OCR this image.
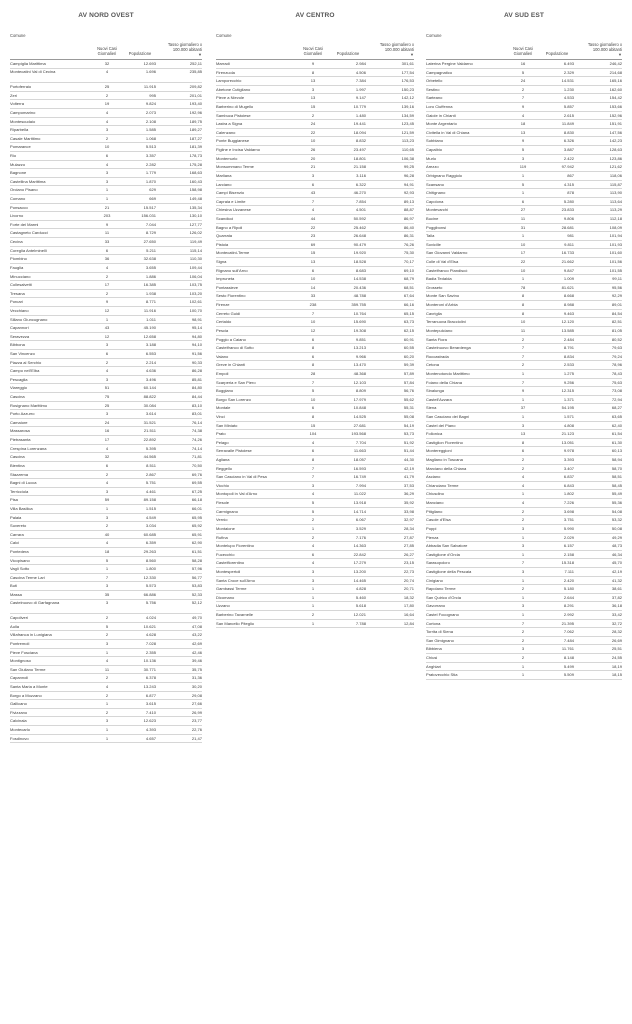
AV NORD OVEST
Comune
Nuovi Casi Giornalieri	Popolazione
Tasso giornaliero x 100.000 abitanti
▼
Campiglia Marittima	32	12.693	252,11
Montecatini Val di Cecina	4	1.696	235,85
Portoferraio	25	11.915	209,82
Zeri	2	995	201,01
Volterra	19	9.824	193,40
Campomarino	4	2.073	192,96
Montescudaio	4	2.108	189,75
Riparbella	3	1.585	189,27
Casale Marittimo	2	1.068	187,27
Pomarance	10	5.513	181,39
Rio	6	3.357	178,73
Mulazzo	4	2.282	175,28
Bagnone	3	1.779	168,63
Castellina Marittima	3	1.870	160,43
Orciano Pisano	1	629	158,98
Comano	1	669	149,48
Ponsacco	21	15.517	135,34
Livorno	203	156.031	130,10
Forte dei Marmi	9	7.044	127,77
Castagneto Carducci	11	8.729	126,02
Cecina	33	27.650	119,49
Coreglia Antelminelli	6	5.211	115,14
Piombino	36	32.638	110,30
Fauglia	4	3.655	109,44
Minucciano	2	1.886	106,04
Collesalvetti	17	16.385	103,75
Tresana	2	1.938	103,20
Porcari	9	8.771	102,61
Vecchiano	12	11.916	100,70
Sillano Giuncugnano	1	1.011	98,91
Capannori	43	45.190	95,14
Seravezza	12	12.658	94,80
Bibbona	3	3.188	94,10
San Vincenzo	6	6.553	91,56
Piazza al Serchio	2	2.214	90,33
Campo nell'Elba	4	4.636	86,28
Pescaglia	3	3.496	85,81
Viareggio	51	60.144	84,80
Cascina	75	88.822	84,44
Rosignano Marittimo	25	30.084	83,10
Porto Azzurro	3	3.614	83,01
Camaiore	24	31.521	76,14
Massarosa	16	21.511	74,38
Pietrasanta	17	22.892	74,26
Crespina Lorenzana	4	5.395	74,14
Cascina	32	44.565	71,81
Bientina	6	8.511	70,50
Stazzema	2	2.867	69,76
Bagni di Lucca	4	5.751	69,55
Terricciola	3	4.461	67,25
Pisa	59	89.158	66,18
Villa Basilica	1	1.515	66,01
Palaia	3	4.549	65,95
Suvereto	2	3.034	65,92
Carrara	40	60.685	65,91
Calci	4	6.359	62,90
Pontedera	18	29.263	61,51
Vicopisano	5	8.560	58,28
Vagli Sotto	1	1.800	57,96
Cascina Terme Lari	7	12.330	56,77
Buti	3	5.573	53,83
Massa	35	66.886	52,33
Castelnuovo di Garfagnana	3	5.756	52,12
Capoliveri	2	4.024	49,70
Aulla	5	10.621	47,08
Villafranca in Lunigiana	2	4.628	43,22
Pontremoli	3	7.028	42,69
Pieve Fosciana	1	2.355	42,46
Montignoso	4	10.136	39,46
San Giuliano Terme	11	30.771	35,75
Capannoli	2	6.378	31,36
Santa Maria a Monte	4	13.243	30,20
Borgo a Mozzano	2	6.877	29,08
Gallicano	1	3.615	27,66
Fivizzano	2	7.410	26,99
Calcinaia	3	12.623	23,77
Montecarlo	1	4.393	22,76
Fosdinovo	1	4.657	21,47
AV CENTRO
Comune
Nuovi Casi Giornalieri	Popolazione
Tasso giornaliero x 100.000 abitanti
▼
Marradi	9	2.984	301,61
Firenzuola	8	4.506	177,54
Lamporecchio	13	7.384	176,53
Abetone Cutigliano	3	1.997	150,23
Pieve a Nievole	13	9.147	142,12
Barberino di Mugello	15	10.779	139,16
Sambuca Pistoiese	2	1.480	134,59
Lastra a Signa	24	19.441	123,45
Calenzano	22	18.094	121,59
Ponte Buggianese	10	8.832	113,23
Figline e Incisa Valdarno	26	23.497	110,65
Montemurlo	20	18.801	106,38
Monsummano Terme	21	21.158	99,25
Marliana	3	3.116	96,28
Larciano	6	6.322	94,91
Campi Bisenzio	43	46.270	92,93
Capraia e Limite	7	7.854	89,13
Chiesina Uzzanese	4	4.501	88,87
Scandicci	44	50.592	86,97
Bagno a Ripoli	22	25.462	86,40
Quarrata	23	26.648	86,31
Pistoia	69	90.479	76,26
Montecatini-Terme	15	19.920	75,30
Signa	13	18.528	70,17
Rignano sull'Arno	6	8.683	69,10
Impruneta	10	14.538	68,79
Pontassieve	14	20.436	68,51
Sesto Fiorentino	33	48.788	67,64
Firenze	238	359.755	66,16
Cerreto Guidi	7	10.764	65,15
Certaldo	10	15.690	63,73
Pescia	12	19.308	62,15
Poggio a Caiano	6	9.851	60,91
Castelfranco di Sotto	8	13.213	60,55
Vaiano	6	9.966	60,20
Greve in Chianti	8	13.470	59,39
Empoli	28	48.368	57,89
Scarperia e San Piero	7	12.103	57,84
Buggiano	5	8.809	56,76
Borgo San Lorenzo	10	17.979	55,62
Montale	6	10.848	55,31
Vinci	8	14.525	55,08
San Miniato	15	27.681	54,19
Prato	104	193.568	53,73
Pelago	4	7.704	51,92
Serravalle Pistoiese	6	11.663	51,44
Agliana	8	18.057	44,30
Reggello	7	16.593	42,19
San Casciano in Val di Pesa	7	16.749	41,79
Vicchio	3	7.994	37,53
Montopoli in Val d'Arno	4	11.022	36,29
Fiesole	5	13.918	35,92
Carmignano	5	14.714	33,98
Vernio	2	6.067	32,97
Montaione	1	3.529	28,34
Rufina	2	7.176	27,87
Montelupo Fiorentino	4	14.363	27,85
Fucecchio	6	22.842	26,27
Castelfiorentino	4	17.279	23,15
Montespertoli	3	13.200	22,73
Santa Croce sull'Arno	3	14.465	20,74
Gambassi Terme	1	4.828	20,71
Dicomano	1	5.460	18,32
Uzzano	1	5.618	17,80
Barberino Tavarnelle	2	12.021	16,64
San Marcello Piteglio	1	7.788	12,84
AV SUD EST
Comune
Nuovi Casi Giornalieri	Popolazione
Tasso giornaliero x 100.000 abitanti
▼
Laterina Pergine Valdarno	16	6.493	246,42
Campagnatico	5	2.329	214,68
Orbetello	24	14.531	165,16
Sestino	2	1.230	162,60
Sarteano	7	4.533	154,42
Loro Ciuffenna	9	5.857	153,66
Gaiole in Chianti	4	2.615	152,96
Monte Argentario	18	11.849	151,91
Civitella in Val di Chiana	13	8.830	147,56
Subbiano	9	6.326	142,23
Capalbio	5	3.887	128,63
Murlo	3	2.422	123,86
Arezzo	119	97.942	121,62
Orbignano Raggiolo	1	867	118,06
Scansano	5	4.315	115,87
Chitignano	1	878	113,90
Capolona	6	5.280	113,64
Montevarchi	27	23.833	113,29
Bucine	11	9.806	112,18
Poggibonsi	31	28.681	108,09
Talla	1	981	101,94
Sovicille	10	9.811	101,93
San Giovanni Valdarno	17	16.733	101,60
Colle di Val d'Elsa	22	21.662	101,56
Castelfranco Piandiscò	10	9.847	101,55
Badia Tedalda	1	1.009	99,11
Grosseto	78	81.621	95,56
Monte San Savino	8	8.668	92,29
Monteroni d'Arbia	8	8.988	89,01
Cavriglia	8	9.463	84,54
Terranuova Bracciolini	10	12.120	82,51
Montepulciano	11	13.585	81,05
Santa Fiora	2	2.484	80,52
Castelnuovo Berardenga	7	8.791	79,63
Roccastrada	7	8.834	79,24
Cetona	2	2.533	78,96
Montenotondo Marittimo	1	1.275	78,43
Foiano della Chiana	7	9.256	75,63
Sinalunga	9	12.315	73,08
Castell'Azzara	1	1.371	72,94
Siena	37	54.195	68,27
San Casciano dei Bagni	1	1.571	63,65
Castel del Piano	3	4.808	62,40
Follonica	13	21.123	61,54
Castiglion Fiorentino	8	13.051	61,30
Montereggioni	6	9.978	60,13
Magliano in Toscana	2	3.393	58,94
Marciano della Chiana	2	3.407	58,70
Asciano	4	6.837	58,51
Chianciano Terme	4	6.843	58,45
Chiusdino	1	1.802	55,49
Manciano	4	7.226	55,36
Pitigliano	2	3.698	54,08
Casole d'Elsa	2	3.751	53,32
Poppi	3	5.990	50,08
Pienza	1	2.029	49,29
Abbadia San Salvatore	3	6.157	48,73
Castiglione d'Orcia	1	2.158	46,34
Sarasopolcro	7	15.318	45,70
Castiglione della Pescaia	3	7.111	42,19
Cinigiano	1	2.420	41,32
Rapolano Terme	2	5.180	38,61
San Quirico d'Orcia	1	2.644	37,82
Gavorrano	3	8.291	36,18
Castel Focognano	1	2.992	33,42
Cortona	7	21.395	32,72
Torrita di Siena	2	7.062	28,32
San Gimignano	2	7.484	26,69
Bibbiena	3	11.761	25,51
Chiusi	2	8.148	24,55
Anghiari	1	5.499	18,19
Pratovecchio Stia	1	5.509	18,15
